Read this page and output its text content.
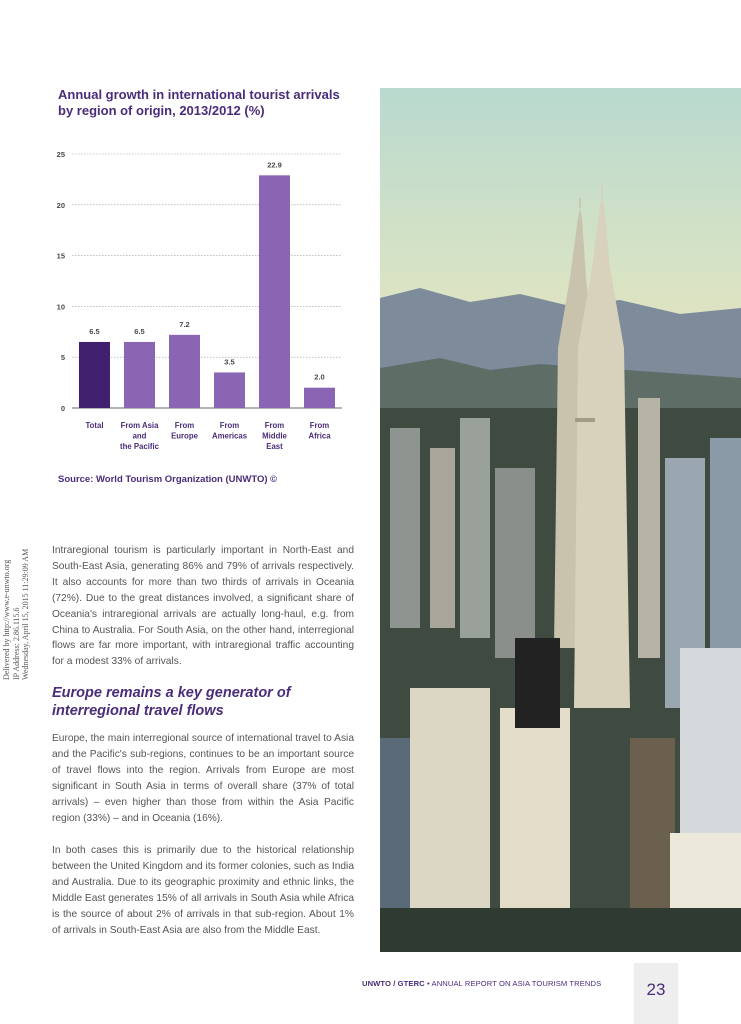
Annual growth in international tourist arrivals by region of origin, 2013/2012 (%)
0
5
10
15
20
25
6.5
Total
6.5
From Asia
and
the Pacific
7.2
From
Europe
3.5
From
Americas
22.9
From
Middle
East
2.0
From
Africa
Source: World Tourism Organization (UNWTO) ©
Delivered by http://www.e-unwto.org IP Address: 2.86.115.6 Wednesday, April 15, 2015 11:29:09 AM Intraregional tourism is particularly important in North-East and South-East Asia, generating 86% and 79% of arrivals respectively. It also accounts for more than two thirds of arrivals in Oceania (72%). Due to the great distances involved, a significant share of Oceania's intraregional arrivals are actually long-haul, e.g. from China to Australia. For South Asia, on the other hand, interregional flows are far more important, with intraregional traffic accounting for a modest 33% of arrivals.

Europe remains a key generator of interregional travel flows

Europe, the main interregional source of international travel to Asia and the Pacific's sub-regions, continues to be an important source of travel flows into the region. Arrivals from Europe are most significant in South Asia in terms of overall share (37% of total arrivals) – even higher than those from within the Asia Pacific region (33%) – and in Oceania (16%).

In both cases this is primarily due to the historical relationship between the United Kingdom and its former colonies, such as India and Australia. Due to its geographic proximity and ethnic links, the Middle East generates 15% of all arrivals in South Asia while Africa is the source of about 2% of arrivals in that sub-region. About 1% of arrivals in South-East Asia are also from the Middle East.

UNWTO / GTERC • ANNUAL REPORT ON ASIA TOURISM TRENDS	23
